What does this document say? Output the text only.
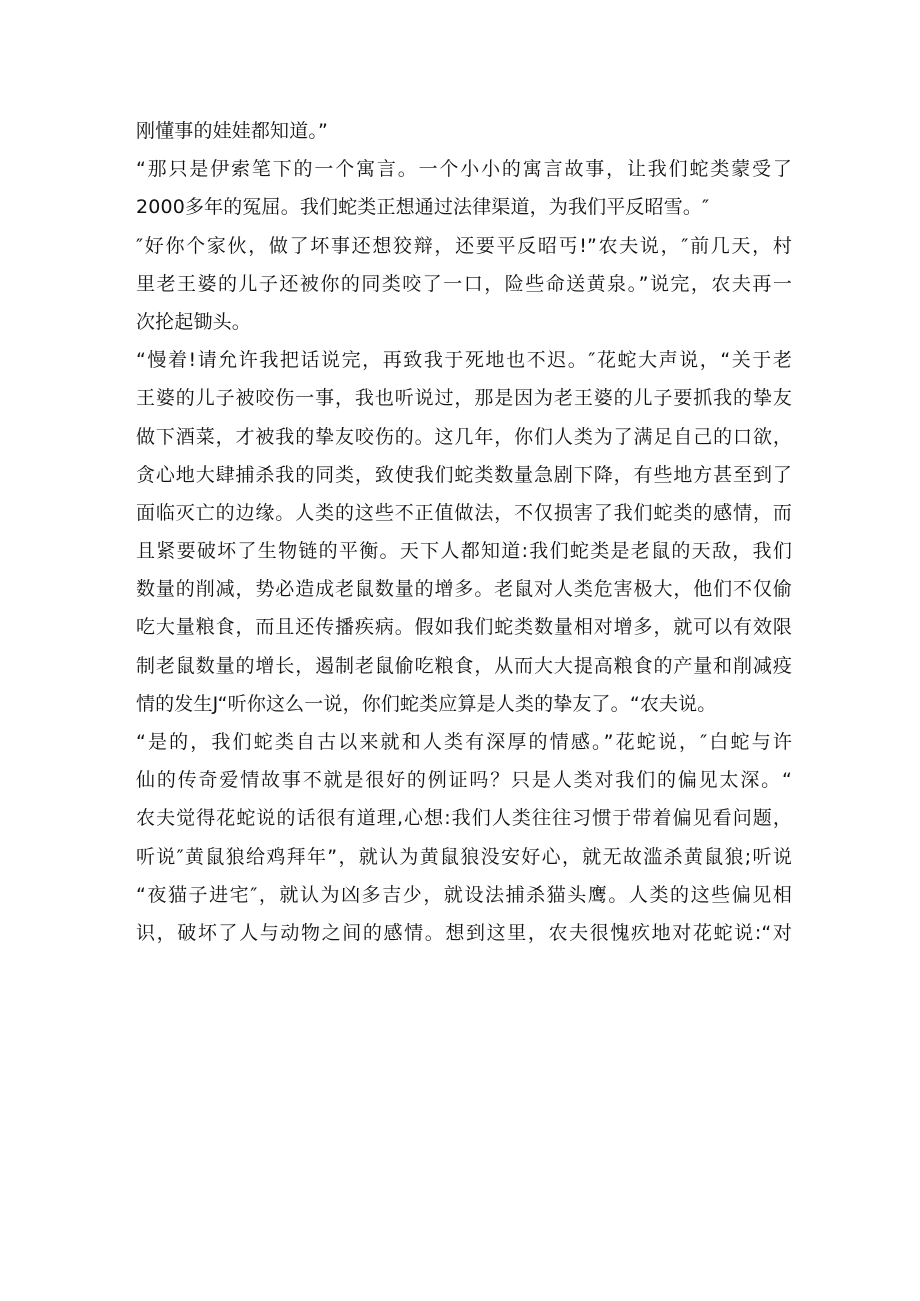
刚懂事的娃娃都知道。”
“那只是伊索笔下的一个寓言。一个小小的寓言故事，让我们蛇类蒙受了
2000多年的冤屈。我们蛇类正想通过法律渠道，为我们平反昭雪。″
″好你个家伙，做了坏事还想狡辩，还要平反昭丐!”农夫说，″前几天，村
里老王婆的儿子还被你的同类咬了一口，险些命送黄泉。”说完，农夫再一
次抡起锄头。
“慢着!请允许我把话说完，再致我于死地也不迟。″花蛇大声说，“关于老
王婆的儿子被咬伤一事，我也听说过，那是因为老王婆的儿子要抓我的挚友
做下酒菜，才被我的挚友咬伤的。这几年，你们人类为了满足自己的口欲，
贪心地大肆捕杀我的同类，致使我们蛇类数量急剧下降，有些地方甚至到了
面临灭亡的边缘。人类的这些不正值做法，不仅损害了我们蛇类的感情，而
且紧要破坏了生物链的平衡。天下人都知道:我们蛇类是老鼠的天敌，我们
数量的削减，势必造成老鼠数量的增多。老鼠对人类危害极大，他们不仅偷
吃大量粮食，而且还传播疾病。假如我们蛇类数量相对增多，就可以有效限
制老鼠数量的增长，遏制老鼠偷吃粮食，从而大大提高粮食的产量和削减疫
情的发生J“听你这么一说，你们蛇类应算是人类的挚友了。“农夫说。
“是的，我们蛇类自古以来就和人类有深厚的情感。”花蛇说，″白蛇与许
仙的传奇爱情故事不就是很好的例证吗？只是人类对我们的偏见太深。“
农夫觉得花蛇说的话很有道理,心想:我们人类往往习惯于带着偏见看问题，
听说″黄鼠狼给鸡拜年”，就认为黄鼠狼没安好心，就无故滥杀黄鼠狼;听说
“夜猫子进宅″，就认为凶多吉少，就设法捕杀猫头鹰。人类的这些偏见相
识，破坏了人与动物之间的感情。想到这里，农夫很愧疚地对花蛇说:“对
